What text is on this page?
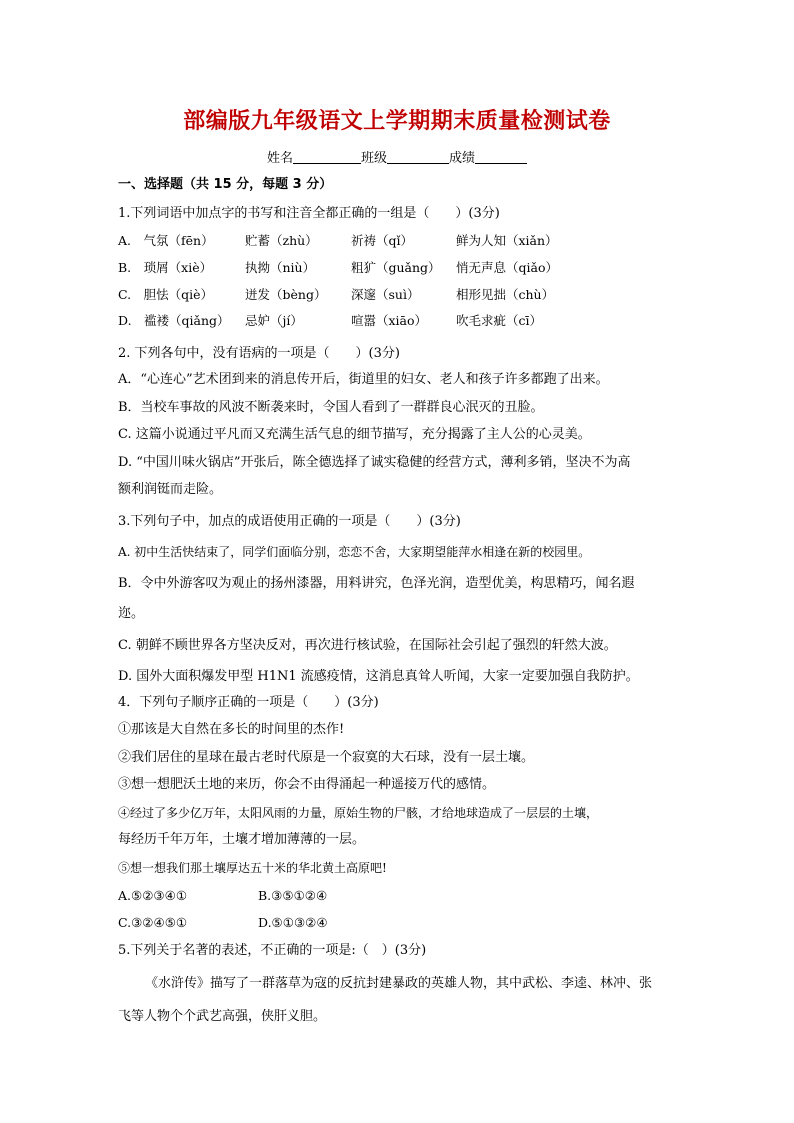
部编版九年级语文上学期期末质量检测试卷
姓名	班级	成绩
一、选择题（共 15 分，每题 3 分）
1.下列词语中加点字的书写和注音全都正确的一组是（　　）(3分)
A.　气氛（fēn）	贮蓄（zhù）	祈祷（qǐ）	鲜为人知（xiǎn）
B.　琐屑（xiè）	执拗（niù）	粗犷（guǎng） 悄无声息（qiǎo）
C.　胆怯（qiè）	迸发（bèng） 深邃（suì）	相形见拙（chù）
D.　褴褛（qiǎng） 忌妒（jí）	喧嚣（xiāo） 吹毛求疵（cī）
2. 下列各句中，没有语病的一项是（　　）(3分)
A．“心连心”艺术团到来的消息传开后，街道里的妇女、老人和孩子许多都跑了出来。
B．当校车事故的风波不断袭来时，令国人看到了一群群良心泯灭的丑脸。
C. 这篇小说通过平凡而又充满生活气息的细节描写，充分揭露了主人公的心灵美。
D. “中国川味火锅店”开张后，陈全德选择了诚实稳健的经营方式，薄利多销，坚决不为高
额利润铤而走险。
3.下列句子中，加点的成语使用正确的一项是（　　）(3分)
A. 初中生活快结束了，同学们面临分别，恋恋不舍，大家期望能萍水相逢在新的校园里。
B．令中外游客叹为观止的扬州漆器，用料讲究，色泽光润，造型优美，构思精巧，闻名遐
迩。
C. 朝鲜不顾世界各方坚决反对，再次进行核试验，在国际社会引起了强烈的轩然大波。
D. 国外大面积爆发甲型 H1N1 流感疫情，这消息真耸人听闻，大家一定要加强自我防护。
4．下列句子顺序正确的一项是（　　）(3分)
①那该是大自然在多长的时间里的杰作!
②我们居住的星球在最古老时代原是一个寂寞的大石球，没有一层土壤。
③想一想肥沃土地的来历，你会不由得涌起一种遥接万代的感情。
④经过了多少亿万年，太阳风雨的力量，原始生物的尸骸，才给地球造成了一层层的土壤，
每经历千年万年，土壤才增加薄薄的一层。
⑤想一想我们那土壤厚达五十米的华北黄土高原吧!
A.⑤②③④①	B.③⑤①②④
C.③②④⑤①	D.⑤①③②④
5.下列关于名著的表述，不正确的一项是:（　）(3分)
《水浒传》描写了一群落草为寇的反抗封建暴政的英雄人物，其中武松、李逵、林冲、张
飞等人物个个武艺高强，侠肝义胆。
